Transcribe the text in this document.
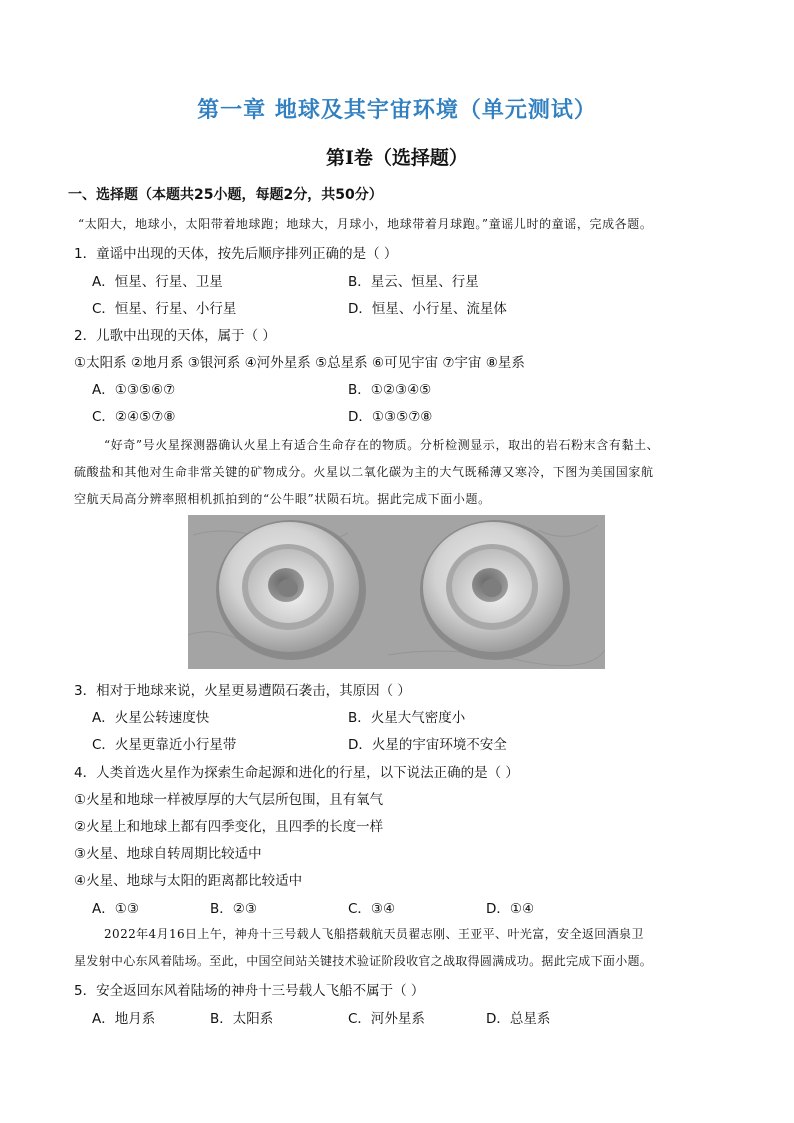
第一章 地球及其宇宙环境（单元测试）
第I卷（选择题）
一、选择题（本题共25小题，每题2分，共50分）
“太阳大，地球小，太阳带着地球跑；地球大，月球小，地球带着月球跑。”童谣儿时的童谣，完成各题。
1．童谣中出现的天体，按先后顺序排列正确的是（ ）
A．恒星、行星、卫星	B．星云、恒星、行星
C．恒星、行星、小行星	D．恒星、小行星、流星体
2．儿歌中出现的天体，属于（ ）
①太阳系 ②地月系 ③银河系 ④河外星系 ⑤总星系 ⑥可见宇宙 ⑦宇宙 ⑧星系
A．①③⑤⑥⑦	B．①②③④⑤
C．②④⑤⑦⑧	D．①③⑤⑦⑧
“好奇”号火星探测器确认火星上有适合生命存在的物质。分析检测显示，取出的岩石粉末含有黏土、
硫酸盐和其他对生命非常关键的矿物成分。火星以二氧化碳为主的大气既稀薄又寒冷，下图为美国国家航
空航天局高分辨率照相机抓拍到的“公牛眼”状陨石坑。据此完成下面小题。
3．相对于地球来说，火星更易遭陨石袭击，其原因（ ）
A．火星公转速度快	B．火星大气密度小
C．火星更靠近小行星带	D．火星的宇宙环境不安全
4．人类首选火星作为探索生命起源和进化的行星，以下说法正确的是（ ）
①火星和地球一样被厚厚的大气层所包围，且有氧气
②火星上和地球上都有四季变化，且四季的长度一样
③火星、地球自转周期比较适中
④火星、地球与太阳的距离都比较适中
A．①③	B．②③	C．③④	D．①④
2022年4月16日上午，神舟十三号载人飞船搭载航天员翟志刚、王亚平、叶光富，安全返回酒泉卫
星发射中心东风着陆场。至此，中国空间站关键技术验证阶段收官之战取得圆满成功。据此完成下面小题。
5．安全返回东风着陆场的神舟十三号载人飞船不属于（ ）
A．地月系	B．太阳系	C．河外星系	D．总星系
